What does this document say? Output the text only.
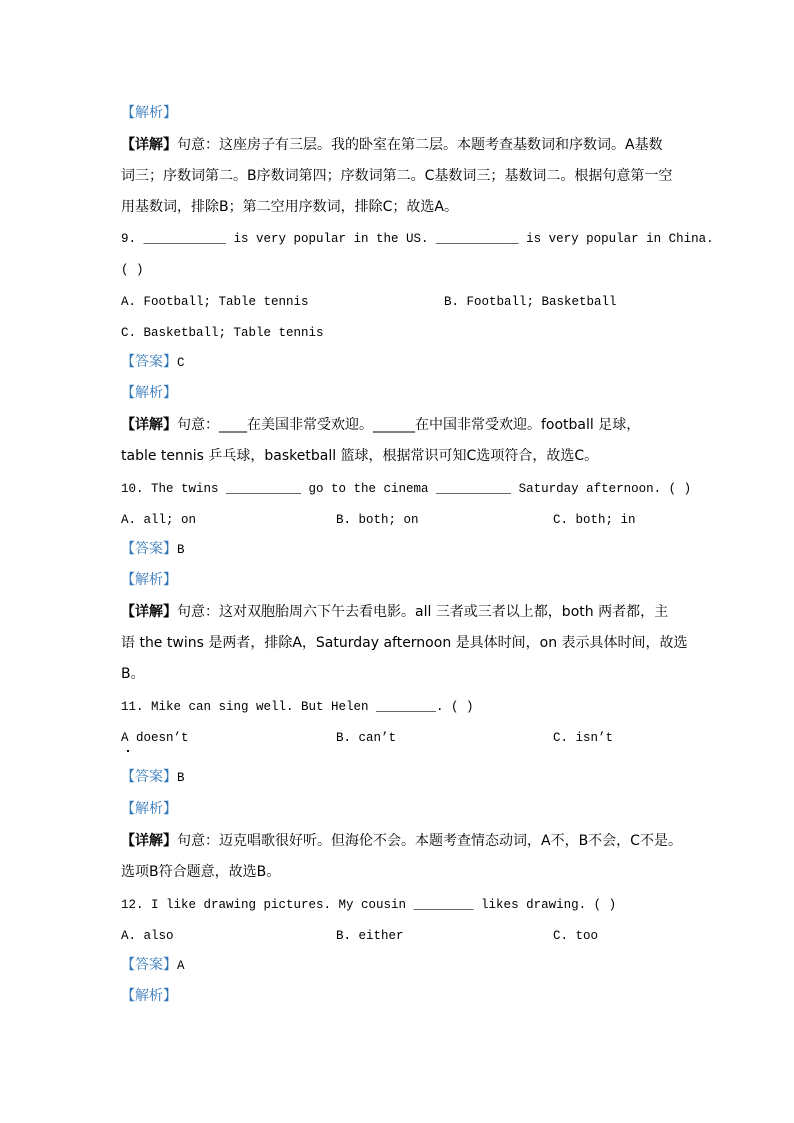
【解析】
【详解】句意：这座房子有三层。我的卧室在第二层。本题考查基数词和序数词。A基数
词三；序数词第二。B序数词第四；序数词第二。C基数词三；基数词二。根据句意第一空
用基数词，排除B；第二空用序数词，排除C；故选A。
9. ___________ is very popular in the US. ___________ is very popular in China.
( )
A. Football; Table tennis	B. Football; Basketball
C. Basketball; Table tennis
【答案】C
【解析】
【详解】句意：____在美国非常受欢迎。______在中国非常受欢迎。football 足球，
table tennis 乒乓球，basketball 篮球，根据常识可知C选项符合，故选C。
10. The twins __________ go to the cinema __________ Saturday afternoon. ( )
A. all; on	B. both; on	C. both; in
【答案】B
【解析】
【详解】句意：这对双胞胎周六下午去看电影。all 三者或三者以上都，both 两者都，主
语 the twins 是两者，排除A，Saturday afternoon 是具体时间，on 表示具体时间，故选
B。
11. Mike can sing well. But Helen ________. ( )
A doesn’t	B. can’t	C. isn’t
【答案】B
【解析】
【详解】句意：迈克唱歌很好听。但海伦不会。本题考查情态动词，A不，B不会，C不是。
选项B符合题意，故选B。
12. I like drawing pictures. My cousin ________ likes drawing. ( )
A. also	B. either	C. too
【答案】A
【解析】
